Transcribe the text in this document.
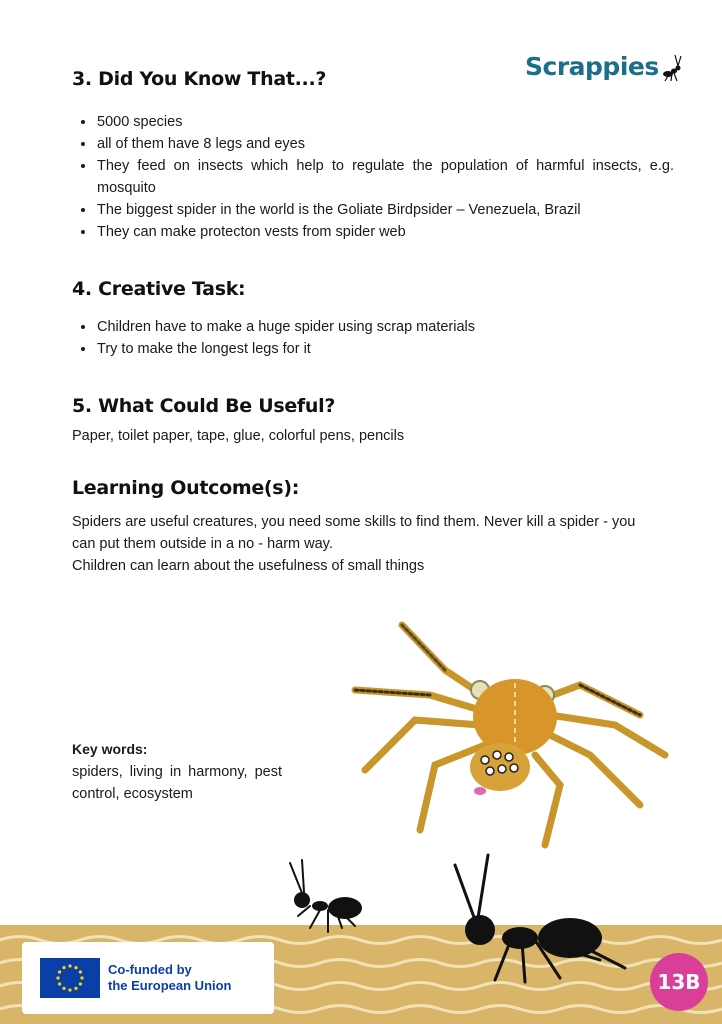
Scrappies
3. Did You Know That...?
• 5000 species
• all of them have 8 legs and eyes
• They feed on insects which help to regulate the population of harmful insects, e.g. mosquito
• The biggest spider in the world is the Goliate Birdpsider – Venezuela, Brazil
• They can make protecton vests from spider web
4. Creative Task:
• Children have to make a huge spider using scrap materials
• Try to make the longest legs for it
5. What Could Be Useful?

Paper, toilet paper, tape, glue, colorful pens, pencils

Learning Outcome(s):

Spiders are useful creatures, you need some skills to find them. Never kill a spider - you can put them outside in a no - harm way.

Children can learn about the usefulness of small things

Key words:
spiders, living in harmony, pest control, ecosystem
Co-funded by
the European Union	13B
